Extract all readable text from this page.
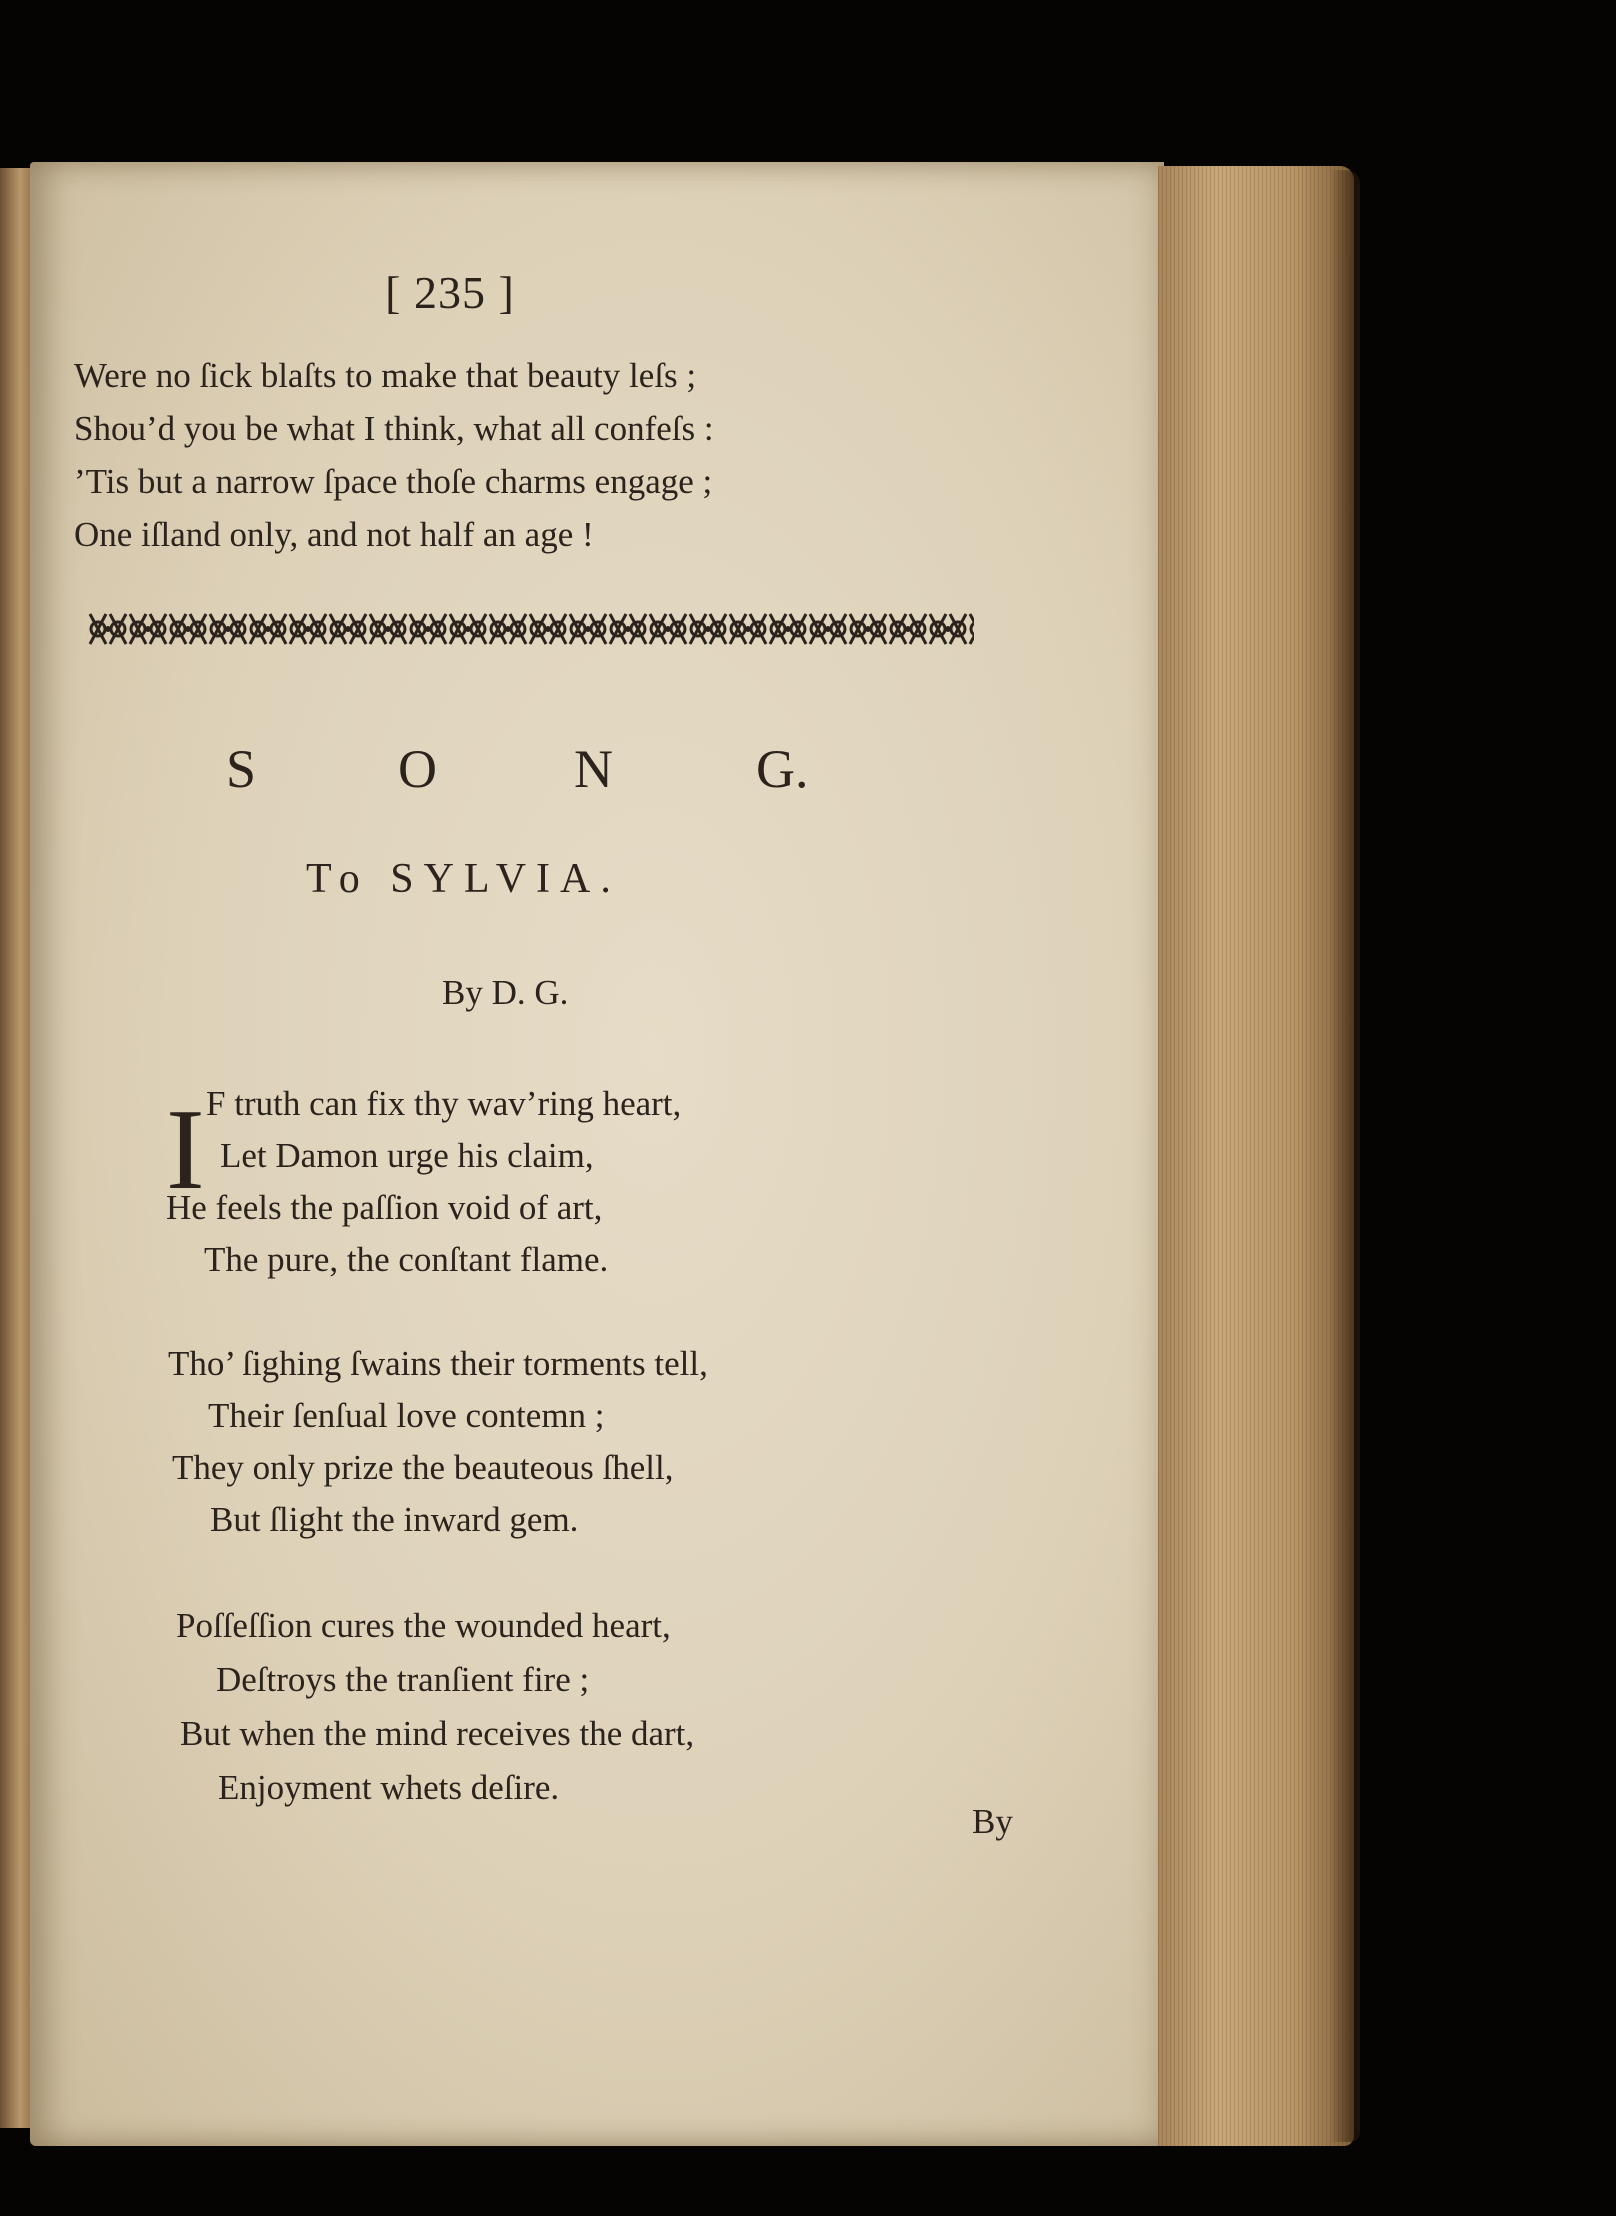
[ 235 ]
Were no ſick blaſts to make that beauty leſs ;
Shou’d you be what I think, what all confeſs :
’Tis but a narrow ſpace thoſe charms engage ;
One iſland only, and not half an age !
S	O	N	G.
To SYLVIA.
By D. G.
I F truth can fix thy wav’ring heart,
Let Damon urge his claim,
He feels the paſſion void of art,
The pure, the conſtant flame.
Tho’ ſighing ſwains their torments tell,
Their ſenſual love contemn ;
They only prize the beauteous ſhell,
But ſlight the inward gem.
Poſſeſſion cures the wounded heart,
Deſtroys the tranſient fire ;
But when the mind receives the dart,
Enjoyment whets deſire.
By
